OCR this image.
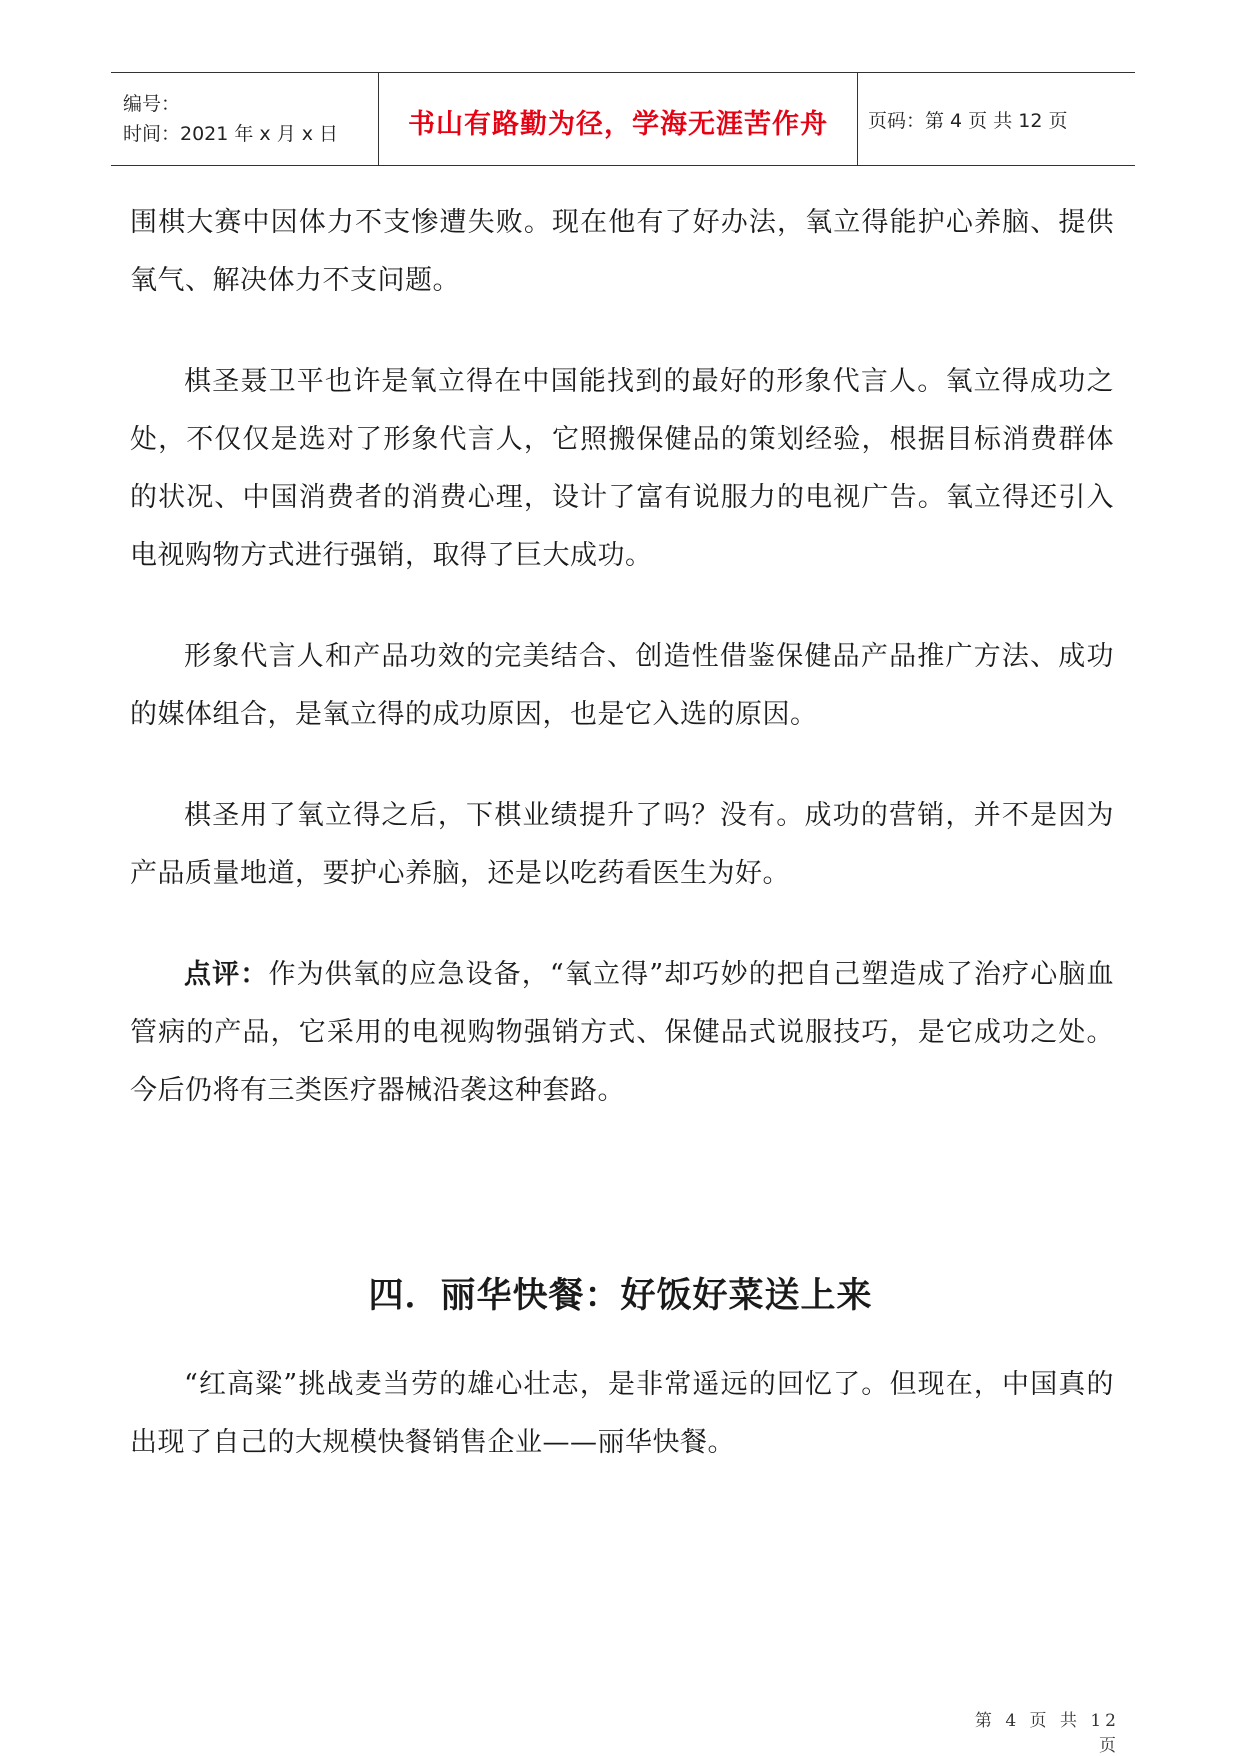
编号：
时间：2021 年 x 月 x 日	书山有路勤为径，学海无涯苦作舟 页码：第 4 页 共 12 页

围棋大赛中因体力不支惨遭失败。现在他有了好办法，氧立得能护心养脑、提供氧气、解决体力不支问题。

棋圣聂卫平也许是氧立得在中国能找到的最好的形象代言人。氧立得成功之处，不仅仅是选对了形象代言人，它照搬保健品的策划经验，根据目标消费群体的状况、中国消费者的消费心理，设计了富有说服力的电视广告。氧立得还引入电视购物方式进行强销，取得了巨大成功。

形象代言人和产品功效的完美结合、创造性借鉴保健品产品推广方法、成功的媒体组合，是氧立得的成功原因，也是它入选的原因。

棋圣用了氧立得之后，下棋业绩提升了吗？没有。成功的营销，并不是因为产品质量地道，要护心养脑，还是以吃药看医生为好。

点评：作为供氧的应急设备，“氧立得”却巧妙的把自己塑造成了治疗心脑血管病的产品，它采用的电视购物强销方式、保健品式说服技巧，是它成功之处。今后仍将有三类医疗器械沿袭这种套路。

四．丽华快餐：好饭好菜送上来

“红高粱”挑战麦当劳的雄心壮志，是非常遥远的回忆了。但现在，中国真的出现了自己的大规模快餐销售企业——丽华快餐。

第 4 页 共 12 页
